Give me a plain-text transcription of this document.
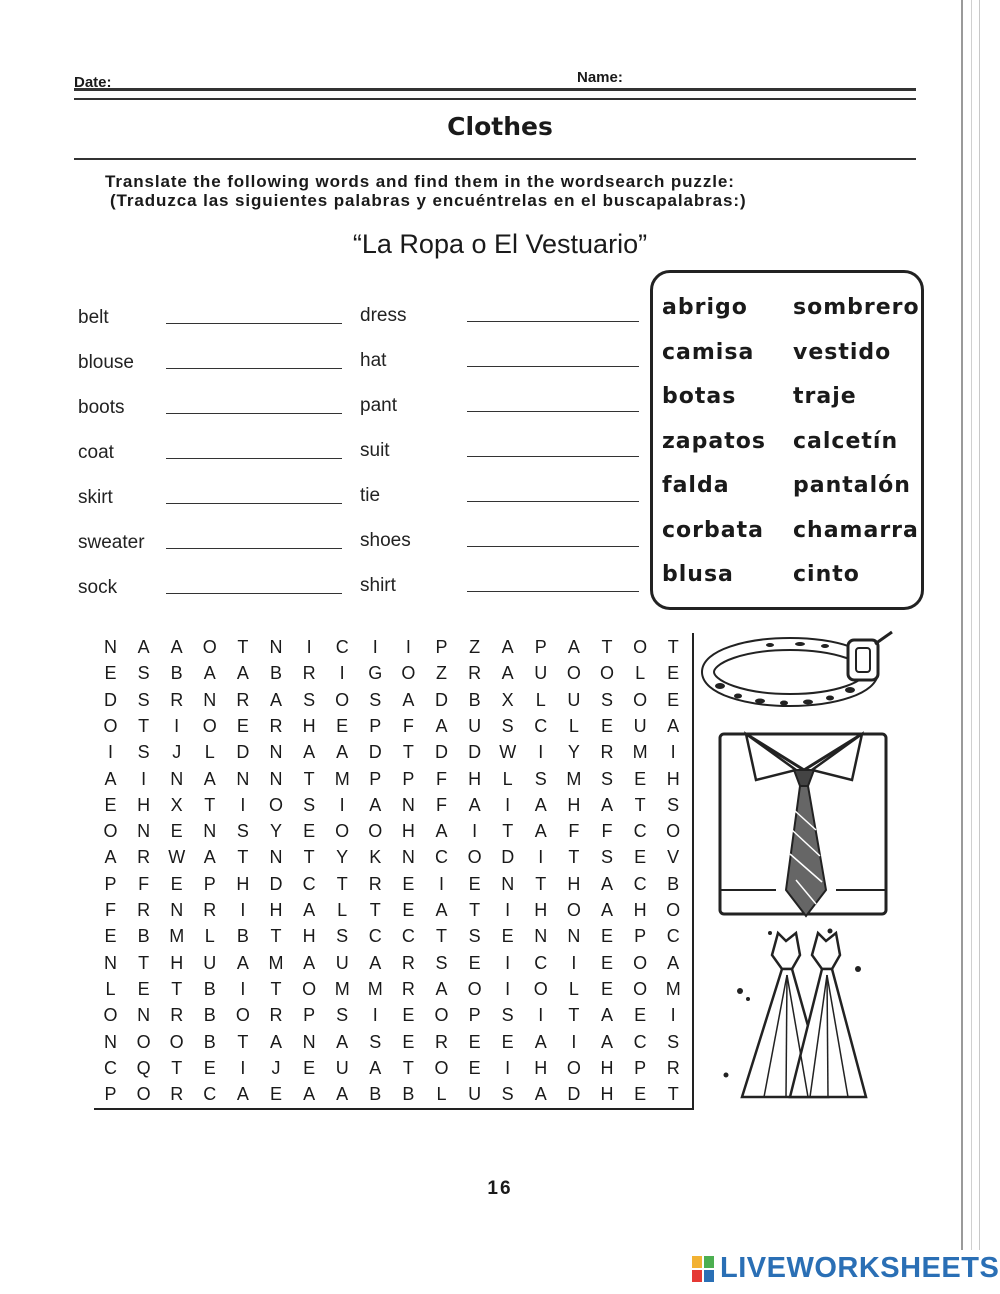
Date:	Name:
Clothes
Translate the following words and find them in the wordsearch puzzle:
(Traduzca las siguientes palabras y encuéntrelas en el buscapalabras:)
“La Ropa o El Vestuario”
belt
blouse
boots
coat
skirt
sweater
sock
dress
hat
pant
suit
tie
shoes
shirt
abrigo
camisa
botas
zapatos
falda
corbata
blusa
sombrero
vestido
traje
calcetín
pantalón
chamarra
cinto
N	A	A	O	T	N	I	C	I	I	P	Z	A	P	A	T	O	T
E	S	B	A	A	B	R	I	G	O	Z	R	A	U	O	O	L	E
D	S	R	N	R	A	S	O	S	A	D	B	X	L	U	S	O	E
O	T	I	O	E	R	H	E	P	F	A	U	S	C	L	E	U	A
I	S	J	L	D	N	A	A	D	T	D	D	W	I	Y	R	M	I
A	I	N	A	N	N	T	M	P	P	F	H	L	S	M	S	E	H
E	H	X	T	I	O	S	I	A	N	F	A	I	A	H	A	T	S
O	N	E	N	S	Y	E	O	O	H	A	I	T	A	F	F	C	O
A	R	W	A	T	N	T	Y	K	N	C	O	D	I	T	S	E	V
P	F	E	P	H	D	C	T	R	E	I	E	N	T	H	A	C	B
F	R	N	R	I	H	A	L	T	E	A	T	I	H	O	A	H	O
E	B	M	L	B	T	H	S	C	C	T	S	E	N	N	E	P	C
N	T	H	U	A	M	A	U	A	R	S	E	I	C	I	E	O	A
L	E	T	B	I	T	O	M	M	R	A	O	I	O	L	E	O	M
O	N	R	B	O	R	P	S	I	E	O	P	S	I	T	A	E	I
N	O	O	B	T	A	N	A	S	E	R	E	E	A	I	A	C	S
C	Q	T	E	I	J	E	U	A	T	O	E	I	H	O	H	P	R
P	O	R	C	A	E	A	A	B	B	L	U	S	A	D	H	E	T
16
LIVEWORKSHEETS
